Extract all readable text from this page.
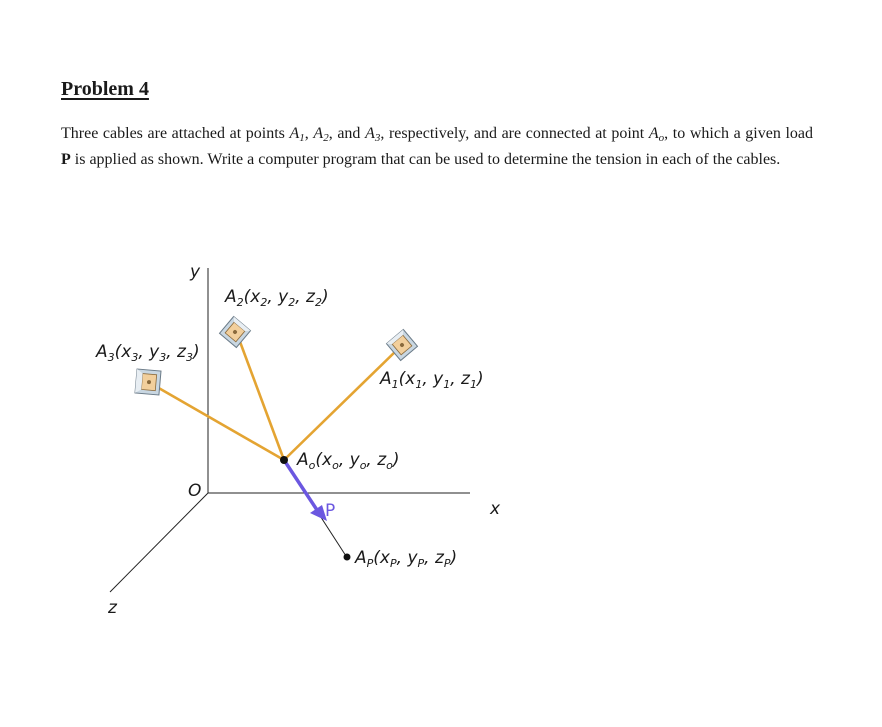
Problem 4
Three cables are attached at points $A_1$, $A_2$, and $A_3$, respectively, and are connected at point $A_o$, to which a given load P is applied as shown. Write a computer program that can be used to determine the tension in each of the cables.
y
x
z
O
P
$A_2(x_2$, $y_2$, $z_2$)
$A_3(x_3$, $y_3$, $z_3$)
$A_1(x_1$, $y_1$, $z_1$)
$A_o(x_o$, $y_o$, $z_o$)
$A_P(x_P$, $y_P$, $z_P$)
